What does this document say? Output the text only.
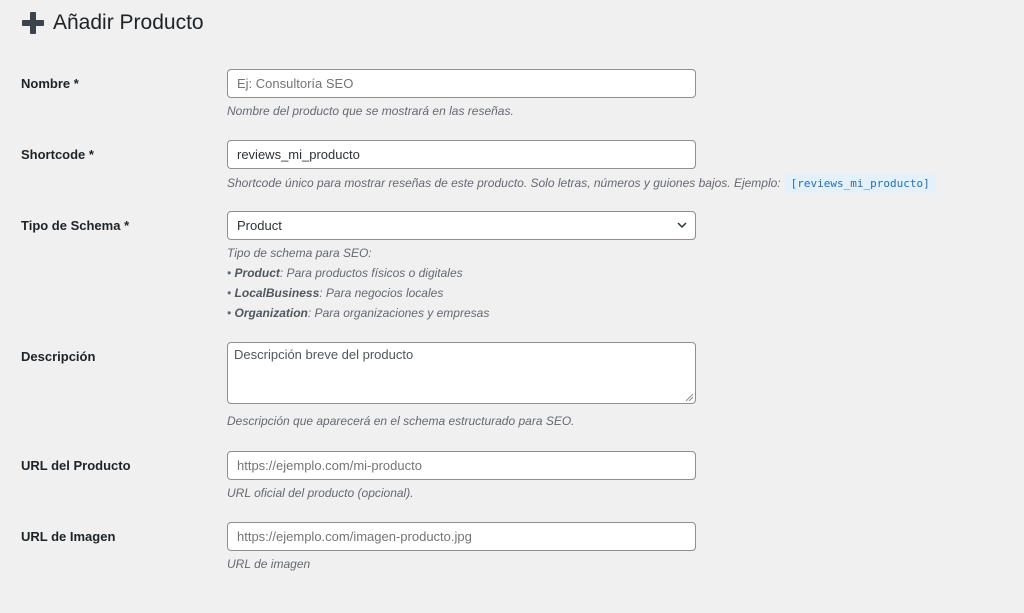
Añadir Producto
Nombre *
Ej: Consultoría SEO
Nombre del producto que se mostrará en las reseñas.
Shortcode *
reviews_mi_producto
Shortcode único para mostrar reseñas de este producto. Solo letras, números y guiones bajos. Ejemplo: [reviews_mi_producto]
Tipo de Schema *	Product
Tipo de schema para SEO:
• Product: Para productos físicos o digitales
• LocalBusiness: Para negocios locales
• Organization: Para organizaciones y empresas
Descripción	Descripción breve del producto
Descripción que aparecerá en el schema estructurado para SEO.
URL del Producto
https://ejemplo.com/mi-producto
URL oficial del producto (opcional).
URL de Imagen
https://ejemplo.com/imagen-producto.jpg
URL de imagen
